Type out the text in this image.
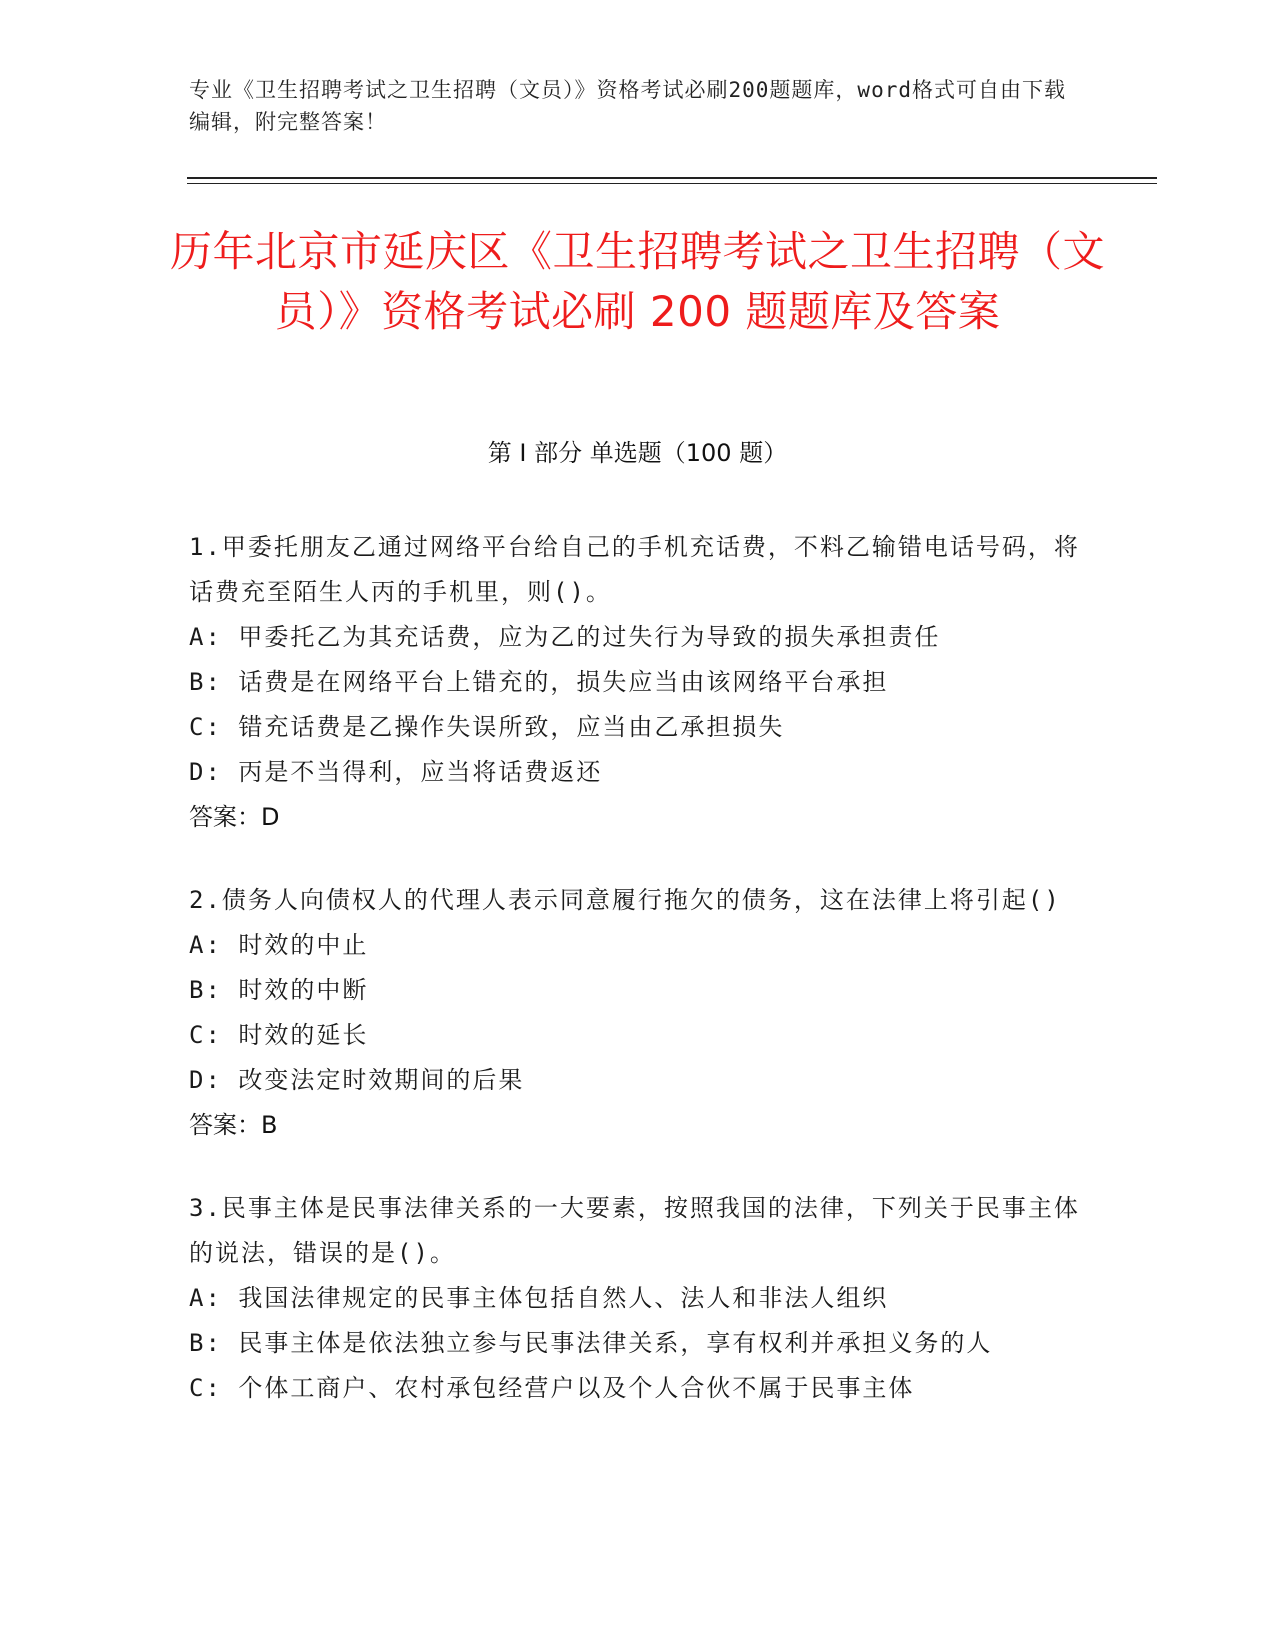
专业《卫生招聘考试之卫生招聘（文员）》资格考试必刷200题题库，word格式可自由下载编辑，附完整答案！
历年北京市延庆区《卫生招聘考试之卫生招聘（文员）》资格考试必刷 200 题题库及答案
第 I 部分 单选题（100 题）
1.甲委托朋友乙通过网络平台给自己的手机充话费，不料乙输错电话号码，将话费充至陌生人丙的手机里，则()。
A: 甲委托乙为其充话费，应为乙的过失行为导致的损失承担责任
B: 话费是在网络平台上错充的，损失应当由该网络平台承担
C: 错充话费是乙操作失误所致，应当由乙承担损失
D: 丙是不当得利，应当将话费返还
答案：D
2.债务人向债权人的代理人表示同意履行拖欠的债务，这在法律上将引起()
A: 时效的中止
B: 时效的中断
C: 时效的延长
D: 改变法定时效期间的后果
答案：B
3.民事主体是民事法律关系的一大要素，按照我国的法律，下列关于民事主体的说法，错误的是()。
A: 我国法律规定的民事主体包括自然人、法人和非法人组织
B: 民事主体是依法独立参与民事法律关系，享有权利并承担义务的人
C: 个体工商户、农村承包经营户以及个人合伙不属于民事主体
